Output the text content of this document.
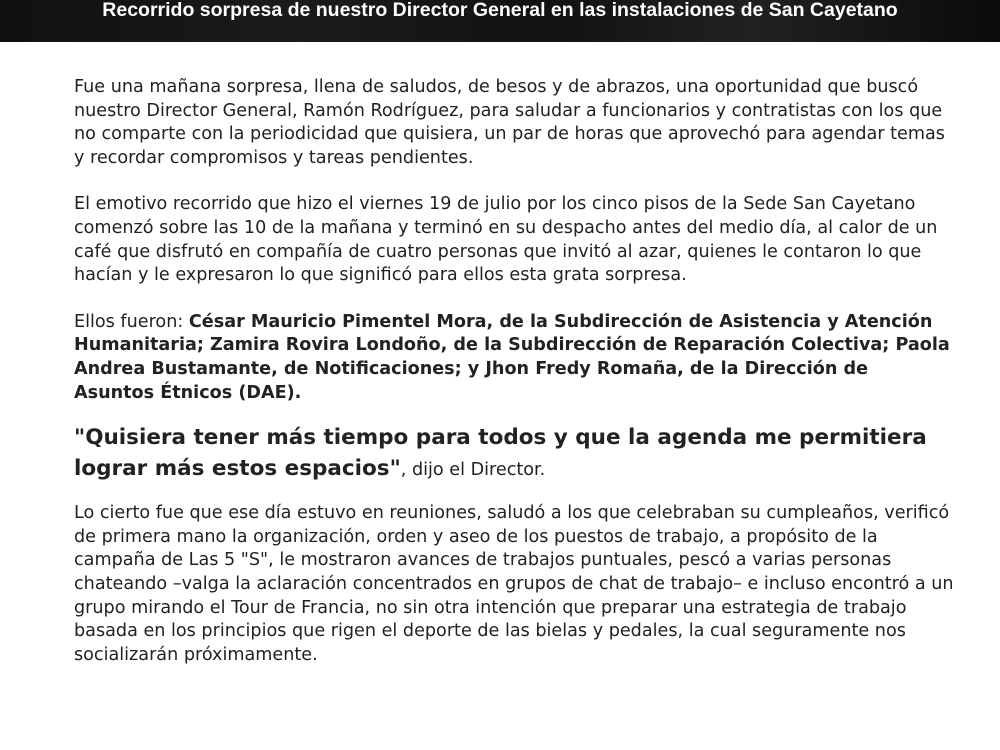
Recorrido sorpresa de nuestro Director General en las instalaciones de San Cayetano

Fue una mañana sorpresa, llena de saludos, de besos y de abrazos, una oportunidad que buscó nuestro Director General, Ramón Rodríguez, para saludar a funcionarios y contratistas con los que no comparte con la periodicidad que quisiera, un par de horas que aprovechó para agendar temas y recordar compromisos y tareas pendientes.

El emotivo recorrido que hizo el viernes 19 de julio por los cinco pisos de la Sede San Cayetano comenzó sobre las 10 de la mañana y terminó en su despacho antes del medio día, al calor de un café que disfrutó en compañía de cuatro personas que invitó al azar, quienes le contaron lo que hacían y le expresaron lo que significó para ellos esta grata sorpresa.

Ellos fueron: César Mauricio Pimentel Mora, de la Subdirección de Asistencia y Atención Humanitaria; Zamira Rovira Londoño, de la Subdirección de Reparación Colectiva; Paola Andrea Bustamante, de Notificaciones; y Jhon Fredy Romaña, de la Dirección de Asuntos Étnicos (DAE).

"Quisiera tener más tiempo para todos y que la agenda me permitiera lograr más estos espacios", dijo el Director.

Lo cierto fue que ese día estuvo en reuniones, saludó a los que celebraban su cumpleaños, verificó de primera mano la organización, orden y aseo de los puestos de trabajo, a propósito de la campaña de Las 5 "S", le mostraron avances de trabajos puntuales, pescó a varias personas chateando –valga la aclaración concentrados en grupos de chat de trabajo– e incluso encontró a un grupo mirando el Tour de Francia, no sin otra intención que preparar una estrategia de trabajo basada en los principios que rigen el deporte de las bielas y pedales, la cual seguramente nos socializarán próximamente.
